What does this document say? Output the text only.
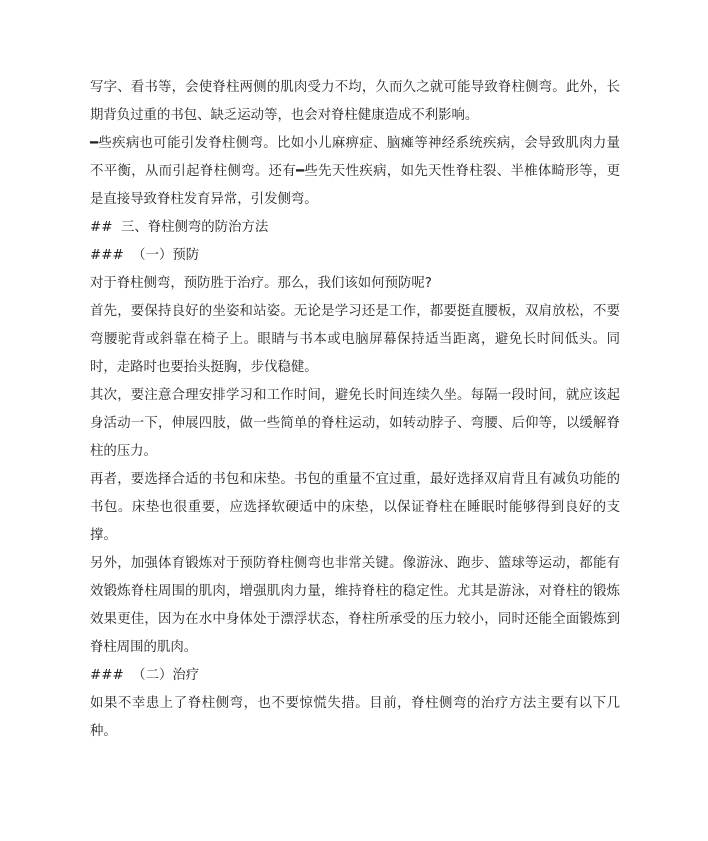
写字、看书等，会使脊柱两侧的肌肉受力不均，久而久之就可能导致脊柱侧弯。此外，长期背负过重的书包、缺乏运动等，也会对脊柱健康造成不利影响。

━些疾病也可能引发脊柱侧弯。比如小儿麻痹症、脑瘫等神经系统疾病，会导致肌肉力量不平衡，从而引起脊柱侧弯。还有━些先天性疾病，如先天性脊柱裂、半椎体畸形等，更是直接导致脊柱发育异常，引发侧弯。

##  三、脊柱侧弯的防治方法

###  （一）预防

对于脊柱侧弯，预防胜于治疗。那么，我们该如何预防呢?

首先，要保持良好的坐姿和站姿。无论是学习还是工作，都要挺直腰板，双肩放松，不要弯腰驼背或斜靠在椅子上。眼睛与书本或电脑屏幕保持适当距离，避免长时间低头。同时，走路时也要抬头挺胸，步伐稳健。

其次，要注意合理安排学习和工作时间，避免长时间连续久坐。每隔一段时间，就应该起身活动一下，伸展四肢，做一些简单的脊柱运动，如转动脖子、弯腰、后仰等，以缓解脊柱的压力。

再者，要选择合适的书包和床垫。书包的重量不宜过重，最好选择双肩背且有减负功能的书包。床垫也很重要，应选择软硬适中的床垫，以保证脊柱在睡眠时能够得到良好的支撑。

另外，加强体育锻炼对于预防脊柱侧弯也非常关键。像游泳、跑步、篮球等运动，都能有效锻炼脊柱周围的肌肉，增强肌肉力量，维持脊柱的稳定性。尤其是游泳，对脊柱的锻炼效果更佳，因为在水中身体处于漂浮状态，脊柱所承受的压力较小，同时还能全面锻炼到脊柱周围的肌肉。

###  （二）治疗

如果不幸患上了脊柱侧弯，也不要惊慌失措。目前，脊柱侧弯的治疗方法主要有以下几种。
